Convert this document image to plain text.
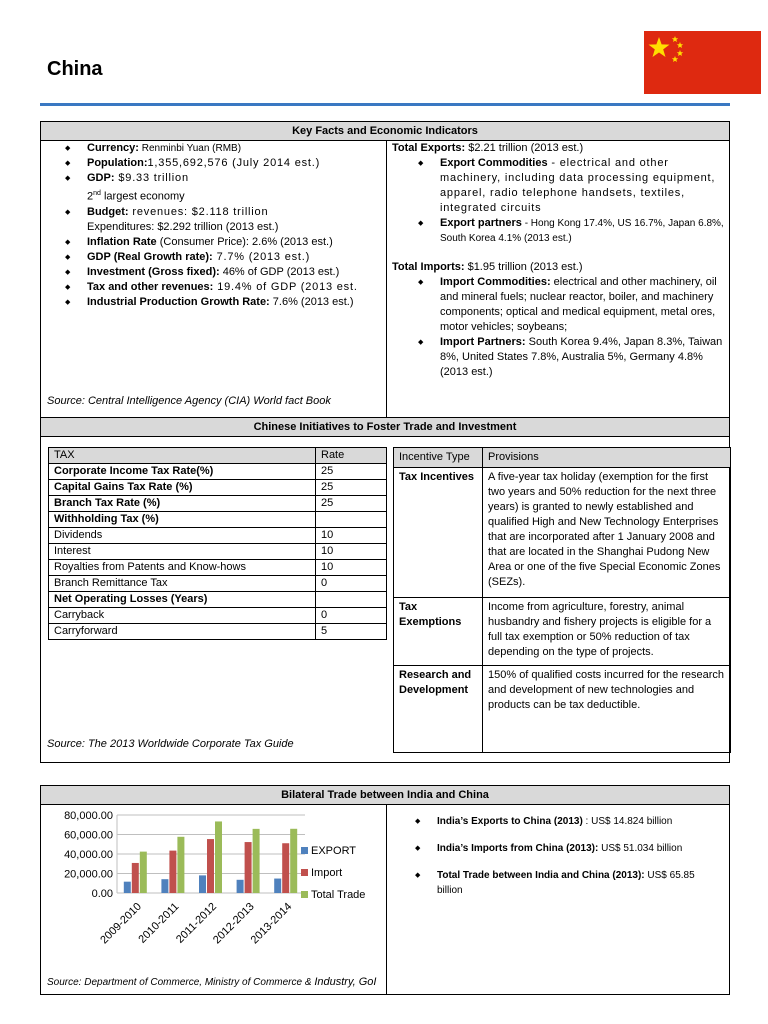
China
Key Facts and Economic Indicators
◆ Currency: Renminbi Yuan (RMB)
◆ Population:1,355,692,576 (July 2014 est.)
◆ GDP: $9.33 trillion
2nd largest economy
◆ Budget: revenues: $2.118 trillion
Expenditures: $2.292 trillion (2013 est.)
◆ Inflation Rate (Consumer Price): 2.6% (2013 est.)
◆ GDP (Real Growth rate): 7.7% (2013 est.)
◆ Investment (Gross fixed): 46% of GDP (2013 est.)
◆ Tax and other revenues: 19.4% of GDP (2013 est.
◆ Industrial Production Growth Rate: 7.6% (2013 est.)
Source: Central Intelligence Agency (CIA) World fact Book
Total Exports: $2.21 trillion (2013 est.)
◆ Export Commodities - electrical and other machinery, including data processing equipment, apparel, radio telephone handsets, textiles, integrated circuits
◆ Export partners - Hong Kong 17.4%, US 16.7%, Japan 6.8%, South Korea 4.1% (2013 est.)
Total Imports: $1.95 trillion (2013 est.)
◆ Import Commodities: electrical and other machinery, oil and mineral fuels; nuclear reactor, boiler, and machinery components; optical and medical equipment, metal ores, motor vehicles; soybeans;
◆ Import Partners: South Korea 9.4%, Japan 8.3%, Taiwan 8%, United States 7.8%, Australia 5%, Germany 4.8% (2013 est.)
Chinese Initiatives to Foster Trade and Investment
TAX	Rate
Corporate Income Tax Rate(%)	25
Capital Gains Tax Rate (%)	25
Branch Tax Rate (%)	25
Withholding Tax (%)	
Dividends	10
Interest	10
Royalties from Patents and Know-hows	10
Branch Remittance Tax	0
Net Operating Losses (Years)	
Carryback	0
Carryforward	5
Source: The 2013 Worldwide Corporate Tax Guide
Incentive Type	Provisions
Tax Incentives	A five-year tax holiday (exemption for the first two years and 50% reduction for the next three years) is granted to newly established and qualified High and New Technology Enterprises that are incorporated after 1 January 2008 and that are located in the Shanghai Pudong New Area or one of the five Special Economic Zones (SEZs).
Tax Exemptions	Income from agriculture, forestry, animal husbandry and fishery projects is eligible for a full tax exemption or 50% reduction of tax depending on the type of projects.
Research and Development	150% of qualified costs incurred for the research and development of new technologies and products can be tax deductible.
Bilateral Trade between India and China
80,000.00
60,000.00
40,000.00
20,000.00
0.00
2009-2010
2010-2011
2011-2012
2012-2013
2013-2014
EXPORT
Import
Total Trade
Source: Department of Commerce, Ministry of Commerce & Industry, GoI
◆ India’s Exports to China (2013) : US$ 14.824 billion
◆ India’s Imports from China (2013): US$ 51.034 billion
◆ Total Trade between India and China (2013): US$ 65.85 billion
